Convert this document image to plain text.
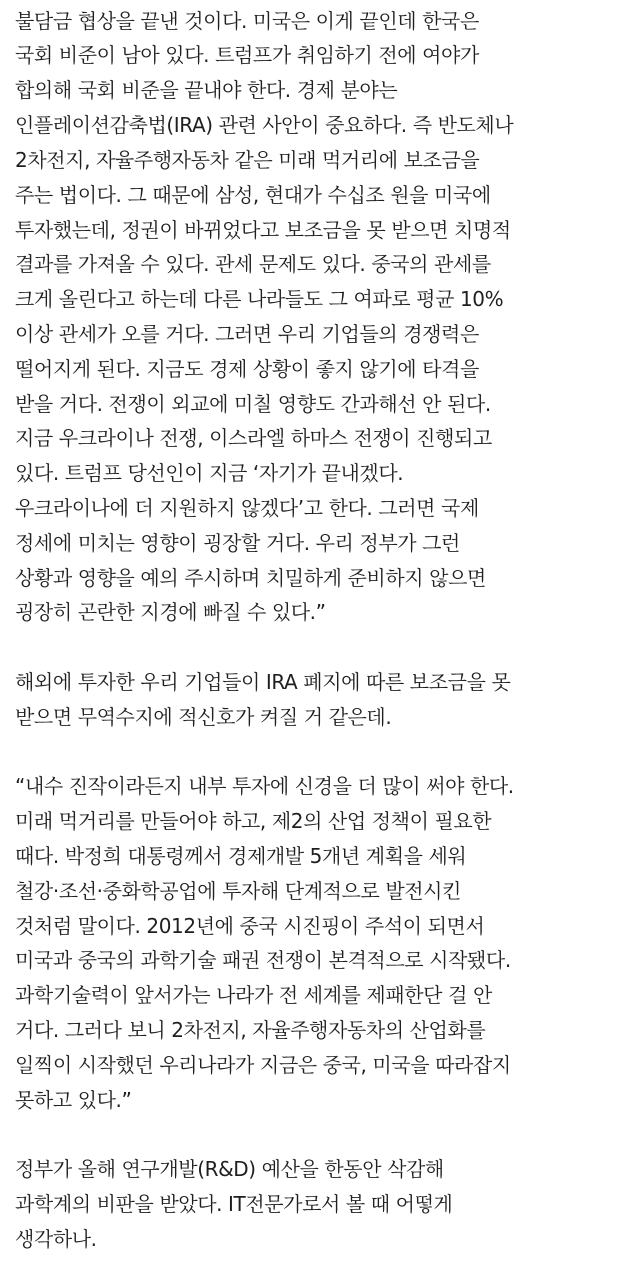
불담금 협상을 끝낸 것이다. 미국은 이게 끝인데 한국은
국회 비준이 남아 있다. 트럼프가 취임하기 전에 여야가
합의해 국회 비준을 끝내야 한다. 경제 분야는
인플레이션감축법(IRA) 관련 사안이 중요하다. 즉 반도체나
2차전지, 자율주행자동차 같은 미래 먹거리에 보조금을
주는 법이다. 그 때문에 삼성, 현대가 수십조 원을 미국에
투자했는데, 정권이 바뀌었다고 보조금을 못 받으면 치명적
결과를 가져올 수 있다. 관세 문제도 있다. 중국의 관세를
크게 올린다고 하는데 다른 나라들도 그 여파로 평균 10%
이상 관세가 오를 거다. 그러면 우리 기업들의 경쟁력은
떨어지게 된다. 지금도 경제 상황이 좋지 않기에 타격을
받을 거다. 전쟁이 외교에 미칠 영향도 간과해선 안 된다.
지금 우크라이나 전쟁, 이스라엘 하마스 전쟁이 진행되고
있다. 트럼프 당선인이 지금 ‘자기가 끝내겠다.
우크라이나에 더 지원하지 않겠다’고 한다. 그러면 국제
정세에 미치는 영향이 굉장할 거다. 우리 정부가 그런
상황과 영향을 예의 주시하며 치밀하게 준비하지 않으면
굉장히 곤란한 지경에 빠질 수 있다.”
해외에 투자한 우리 기업들이 IRA 폐지에 따른 보조금을 못
받으면 무역수지에 적신호가 켜질 거 같은데.
“내수 진작이라든지 내부 투자에 신경을 더 많이 써야 한다.
미래 먹거리를 만들어야 하고, 제2의 산업 정책이 필요한
때다. 박정희 대통령께서 경제개발 5개년 계획을 세워
철강·조선·중화학공업에 투자해 단계적으로 발전시킨
것처럼 말이다. 2012년에 중국 시진핑이 주석이 되면서
미국과 중국의 과학기술 패권 전쟁이 본격적으로 시작됐다.
과학기술력이 앞서가는 나라가 전 세계를 제패한단 걸 안
거다. 그러다 보니 2차전지, 자율주행자동차의 산업화를
일찍이 시작했던 우리나라가 지금은 중국, 미국을 따라잡지
못하고 있다.”
정부가 올해 연구개발(R&D) 예산을 한동안 삭감해
과학계의 비판을 받았다. IT전문가로서 볼 때 어떻게
생각하나.
